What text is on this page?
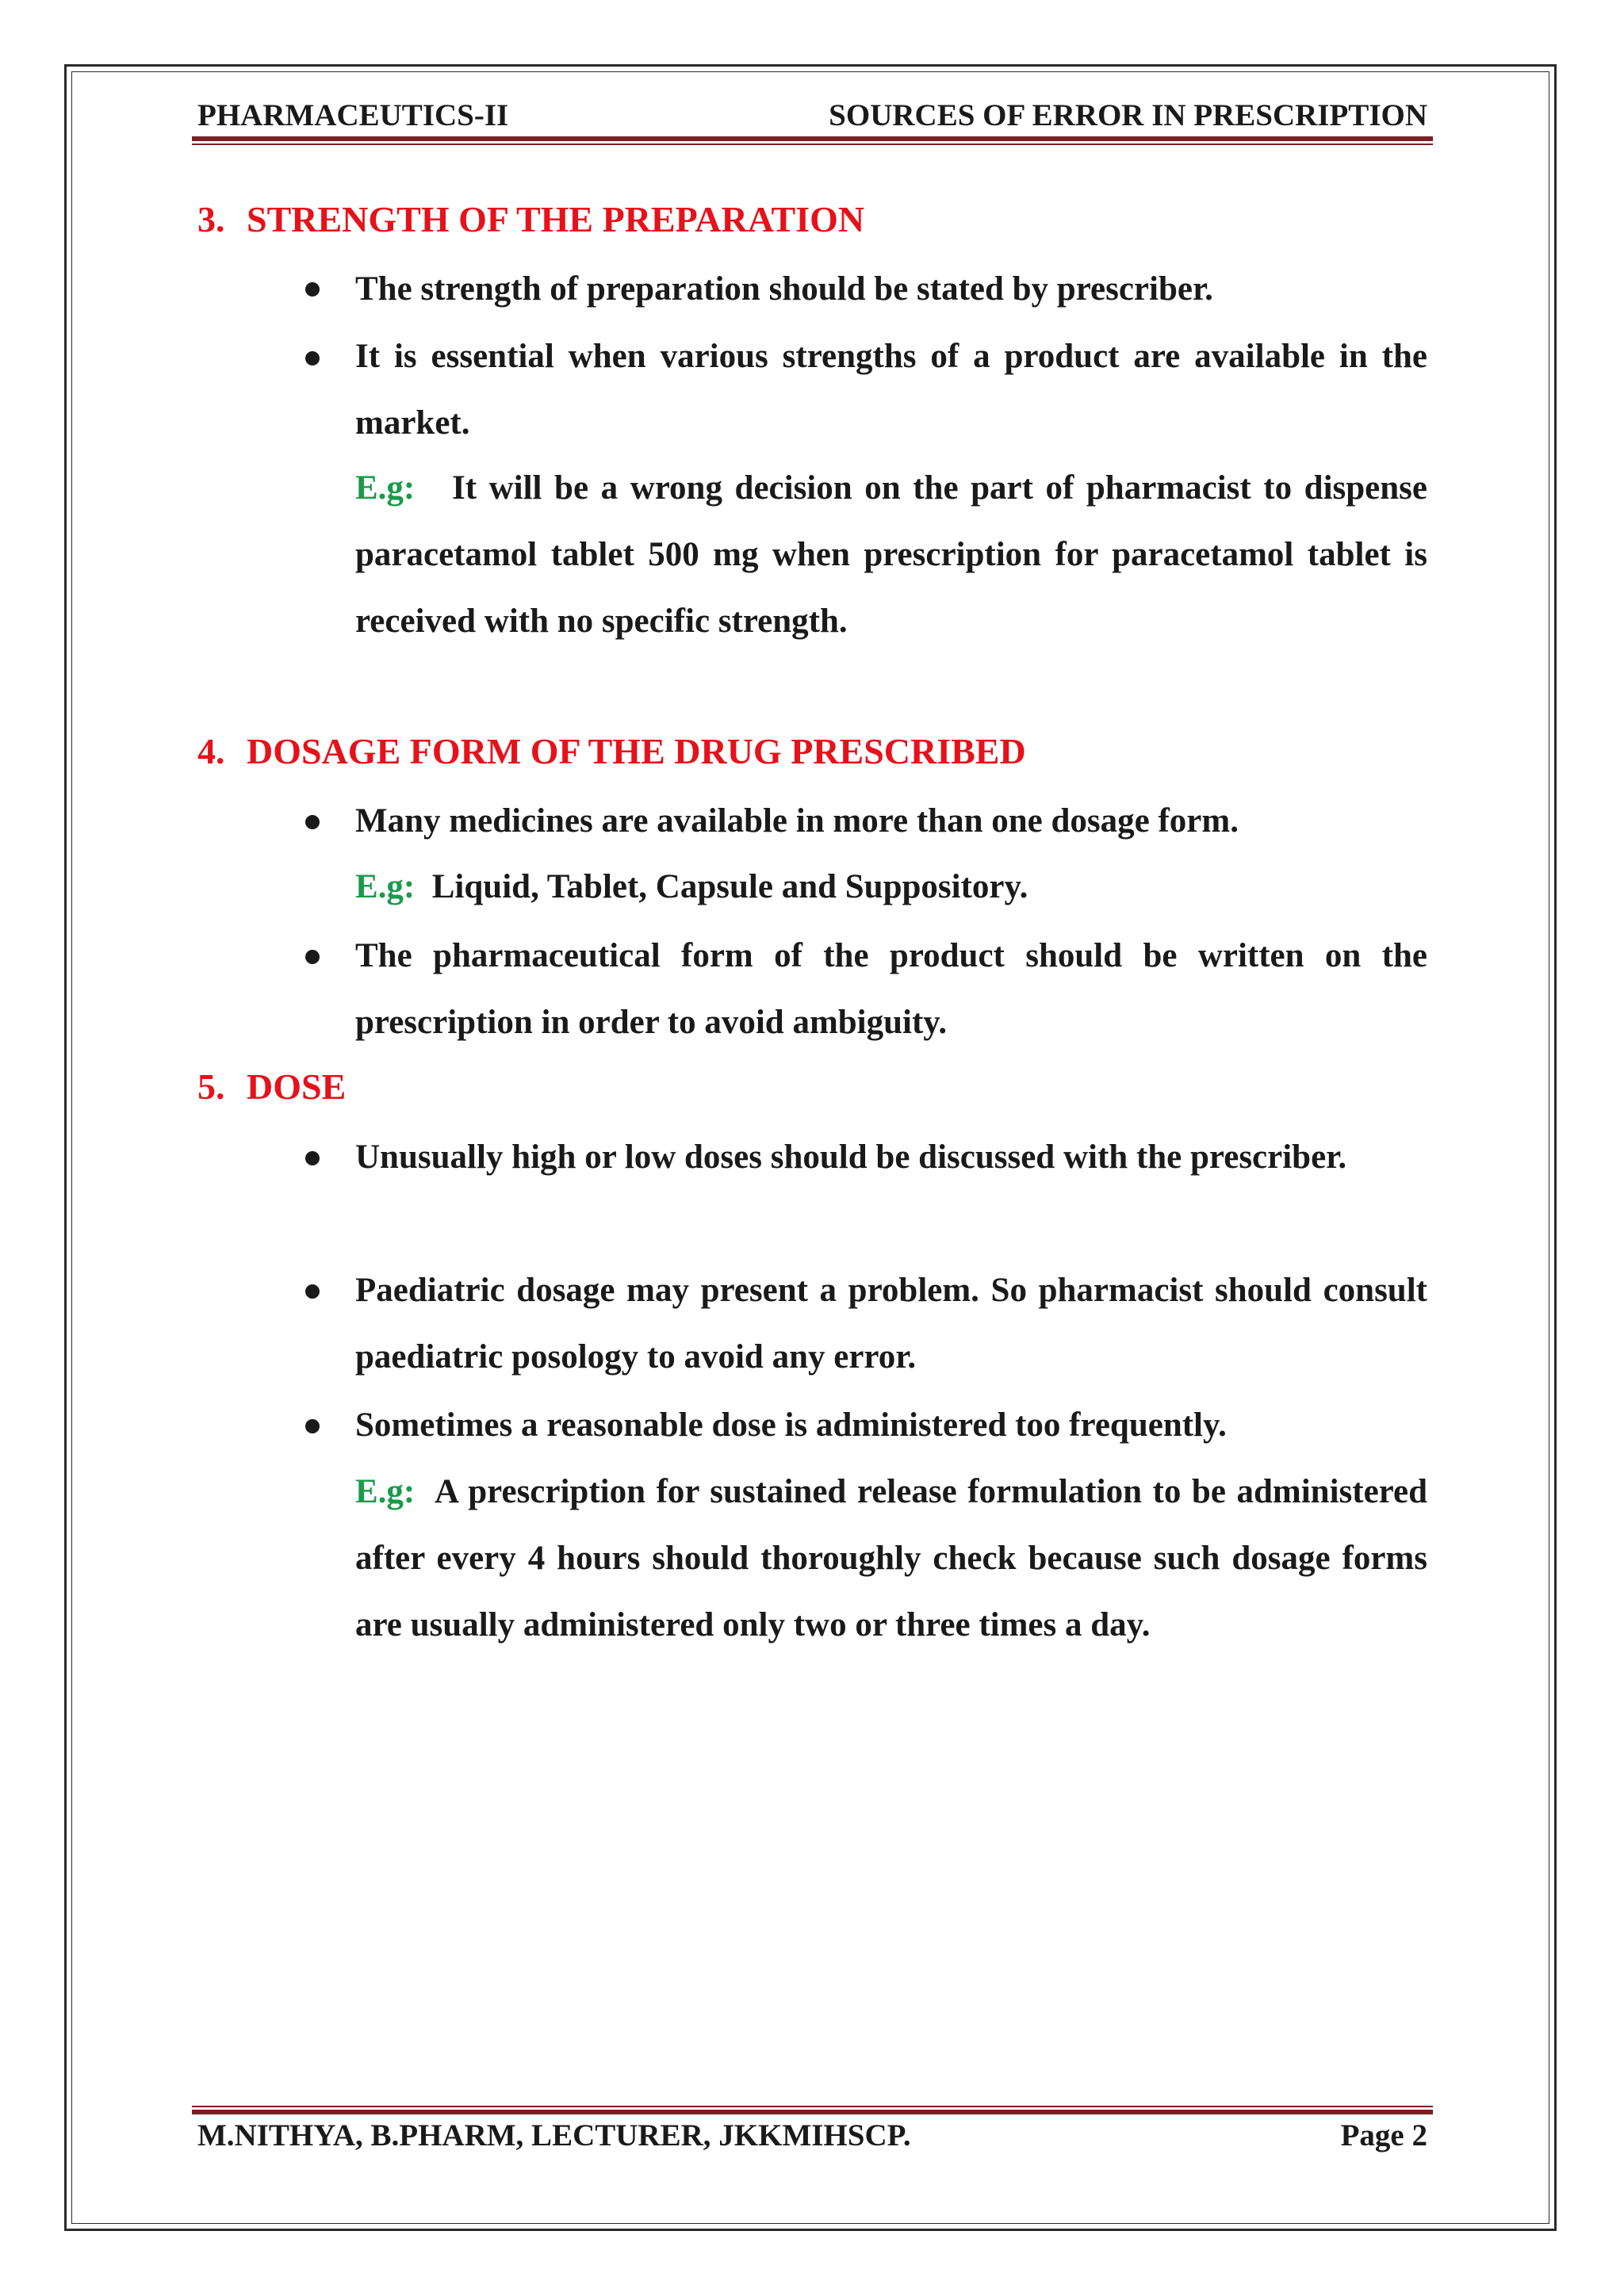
PHARMACEUTICS-II	SOURCES OF ERROR IN PRESCRIPTION
3. STRENGTH OF THE PREPARATION
The strength of preparation should be stated by prescriber.
It is essential when various strengths of a product are available in the market.
E.g: It will be a wrong decision on the part of pharmacist to dispense paracetamol tablet 500 mg when prescription for paracetamol tablet is received with no specific strength.
4. DOSAGE FORM OF THE DRUG PRESCRIBED
Many medicines are available in more than one dosage form.
E.g: Liquid, Tablet, Capsule and Suppository.
The pharmaceutical form of the product should be written on the prescription in order to avoid ambiguity.
5. DOSE
Unusually high or low doses should be discussed with the prescriber.
Paediatric dosage may present a problem. So pharmacist should consult paediatric posology to avoid any error.
Sometimes a reasonable dose is administered too frequently.
E.g: A prescription for sustained release formulation to be administered after every 4 hours should thoroughly check because such dosage forms are usually administered only two or three times a day.
M.NITHYA, B.PHARM, LECTURER, JKKMIHSCP.	Page 2
